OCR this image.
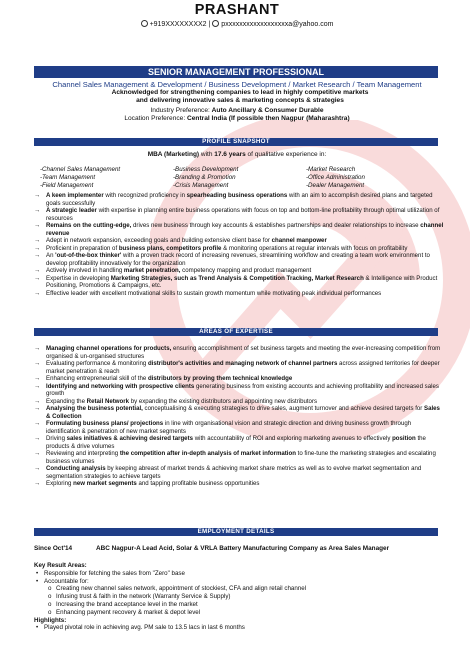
PRASHANT
+919XXXXXXXX2 | pxxxxxxxxxxxxxxxxxxa@yahoo.com
SENIOR MANAGEMENT PROFESSIONAL
Channel Sales Management & Development / Business Development / Market Research / Team Management
Acknowledged for strengthening companies to lead in highly competitive markets and delivering innovative sales & marketing concepts & strategies
Industry Preference: Auto Ancillary & Consumer Durable
Location Preference: Central India (If possible then Nagpur (Maharashtra)
PROFILE SNAPSHOT
MBA (Marketing) with 17.6 years of qualitative experience in:
-Channel Sales Management	-Business Development	-Market Research
-Team Management	-Branding & Promotion	-Office Administration
-Field Management	-Crisis Management	-Dealer Management
→ A keen implementer with recognized proficiency in spearheading business operations with an aim to accomplish desired plans and targeted goals successfully
→ A strategic leader with expertise in planning entire business operations with focus on top and bottom-line profitability through optimal utilization of resources
→ Remains on the cutting-edge, drives new business through key accounts & establishes partnerships and dealer relationships to increase channel revenue
→ Adept in network expansion, exceeding goals and building extensive client base for channel manpower
→ Proficient in preparation of business plans, competitors profile & monitoring operations at regular intervals with focus on profitability
→ An 'out-of-the-box thinker' with a proven track record of increasing revenues, streamlining workflow and creating a team work environment to develop profitability innovatively for the organization
→ Actively involved in handling market penetration, competency mapping and product management
→ Expertise in developing Marketing Strategies, such as Trend Analysis & Competition Tracking, Market Research & Intelligence with Product Positioning, Promotions & Campaigns, etc.
→ Effective leader with excellent motivational skills to sustain growth momentum while motivating peak individual performances
AREAS OF EXPERTISE
→ Managing channel operations for products, ensuring accomplishment of set business targets and meeting the ever-increasing competition from organised & un-organised structures
→ Evaluating performance & monitoring distributor's activities and managing network of channel partners across assigned territories for deeper market penetration & reach
→ Enhancing entrepreneurial skill of the distributors by proving them technical knowledge
→ Identifying and networking with prospective clients generating business from existing accounts and achieving profitability and increased sales growth
→ Expanding the Retail Network by expanding the existing distributors and appointing new distributors
→ Analysing the business potential, conceptualising & executing strategies to drive sales, augment turnover and achieve desired targets for Sales & Collection
→ Formulating business plans/ projections in line with organisational vision and strategic direction and driving business growth through identification & penetration of new market segments
→ Driving sales initiatives & achieving desired targets with accountability of ROI and exploring marketing avenues to effectively position the products & drive volumes
→ Reviewing and interpreting the competition after in-depth analysis of market information to fine-tune the marketing strategies and escalating business volumes
→ Conducting analysis by keeping abreast of market trends & achieving market share metrics as well as to evolve market segmentation and segmentation strategies to achieve targets
→ Exploring new market segments and tapping profitable business opportunities
EMPLOYMENT DETAILS
Since Oct'14	ABC Nagpur-A Lead Acid, Solar & VRLA Battery Manufacturing Company as Area Sales Manager
Key Result Areas:
• Responsible for fetching the sales from "Zero" base
• Accountable for:
o Creating new channel sales network, appointment of stockiest, CFA and align retail channel
o Infusing trust & faith in the network (Warranty Service & Supply)
o Increasing the brand acceptance level in the market
o Enhancing payment recovery & market & depot level
Highlights:
• Played pivotal role in achieving avg. PM sale to 13.5 lacs in last 6 months
